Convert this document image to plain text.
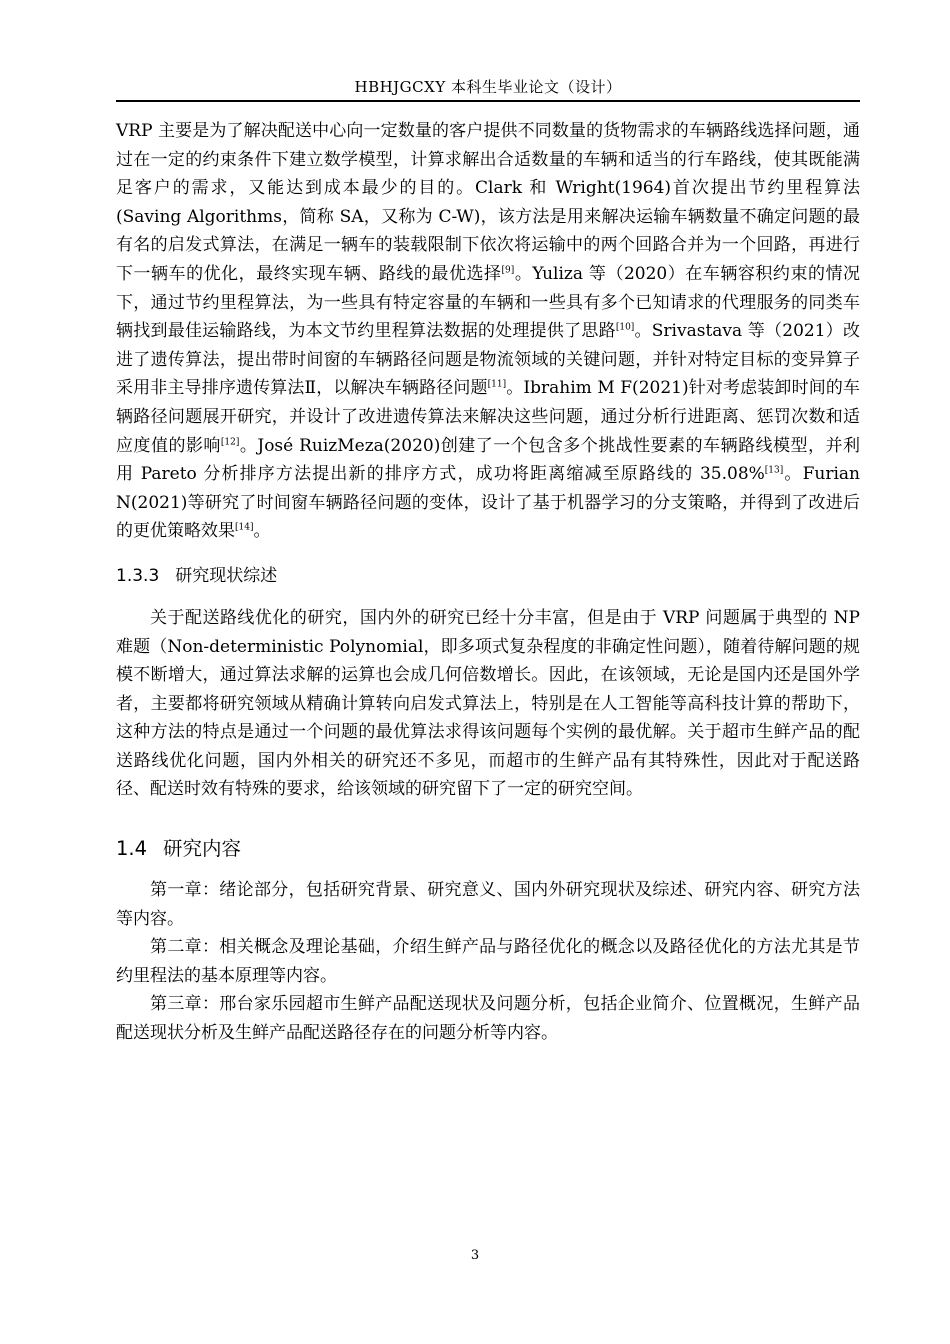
HBHJGCXY 本科生毕业论文（设计）

VRP 主要是为了解决配送中心向一定数量的客户提供不同数量的货物需求的车辆路线选择问题，通过在一定的约束条件下建立数学模型，计算求解出合适数量的车辆和适当的行车路线，使其既能满足客户的需求，又能达到成本最少的目的。Clark 和 Wright(1964)首次提出节约里程算法(Saving Algorithms，简称 SA，又称为 C-W)，该方法是用来解决运输车辆数量不确定问题的最有名的启发式算法，在满足一辆车的装载限制下依次将运输中的两个回路合并为一个回路，再进行下一辆车的优化，最终实现车辆、路线的最优选择[9]。Yuliza 等（2020）在车辆容积约束的情况下，通过节约里程算法，为一些具有特定容量的车辆和一些具有多个已知请求的代理服务的同类车辆找到最佳运输路线，为本文节约里程算法数据的处理提供了思路[10]。Srivastava 等（2021）改进了遗传算法，提出带时间窗的车辆路径问题是物流领域的关键问题，并针对特定目标的变异算子采用非主导排序遗传算法Ⅱ，以解决车辆路径问题[11]。Ibrahim M F(2021)针对考虑装卸时间的车辆路径问题展开研究，并设计了改进遗传算法来解决这些问题，通过分析行进距离、惩罚次数和适应度值的影响[12]。José RuizMeza(2020)创建了一个包含多个挑战性要素的车辆路线模型，并利用 Pareto 分析排序方法提出新的排序方式，成功将距离缩减至原路线的 35.08%[13]。Furian N(2021)等研究了时间窗车辆路径问题的变体，设计了基于机器学习的分支策略，并得到了改进后的更优策略效果[14]。

1.3.3 研究现状综述

关于配送路线优化的研究，国内外的研究已经十分丰富，但是由于 VRP 问题属于典型的 NP 难题（Non-deterministic Polynomial，即多项式复杂程度的非确定性问题），随着待解问题的规模不断增大，通过算法求解的运算也会成几何倍数增长。因此，在该领域，无论是国内还是国外学者，主要都将研究领域从精确计算转向启发式算法上，特别是在人工智能等高科技计算的帮助下，这种方法的特点是通过一个问题的最优算法求得该问题每个实例的最优解。关于超市生鲜产品的配送路线优化问题，国内外相关的研究还不多见，而超市的生鲜产品有其特殊性，因此对于配送路径、配送时效有特殊的要求，给该领域的研究留下了一定的研究空间。

1.4 研究内容

第一章：绪论部分，包括研究背景、研究意义、国内外研究现状及综述、研究内容、研究方法等内容。

第二章：相关概念及理论基础，介绍生鲜产品与路径优化的概念以及路径优化的方法尤其是节约里程法的基本原理等内容。

第三章：邢台家乐园超市生鲜产品配送现状及问题分析，包括企业简介、位置概况，生鲜产品配送现状分析及生鲜产品配送路径存在的问题分析等内容。

3
